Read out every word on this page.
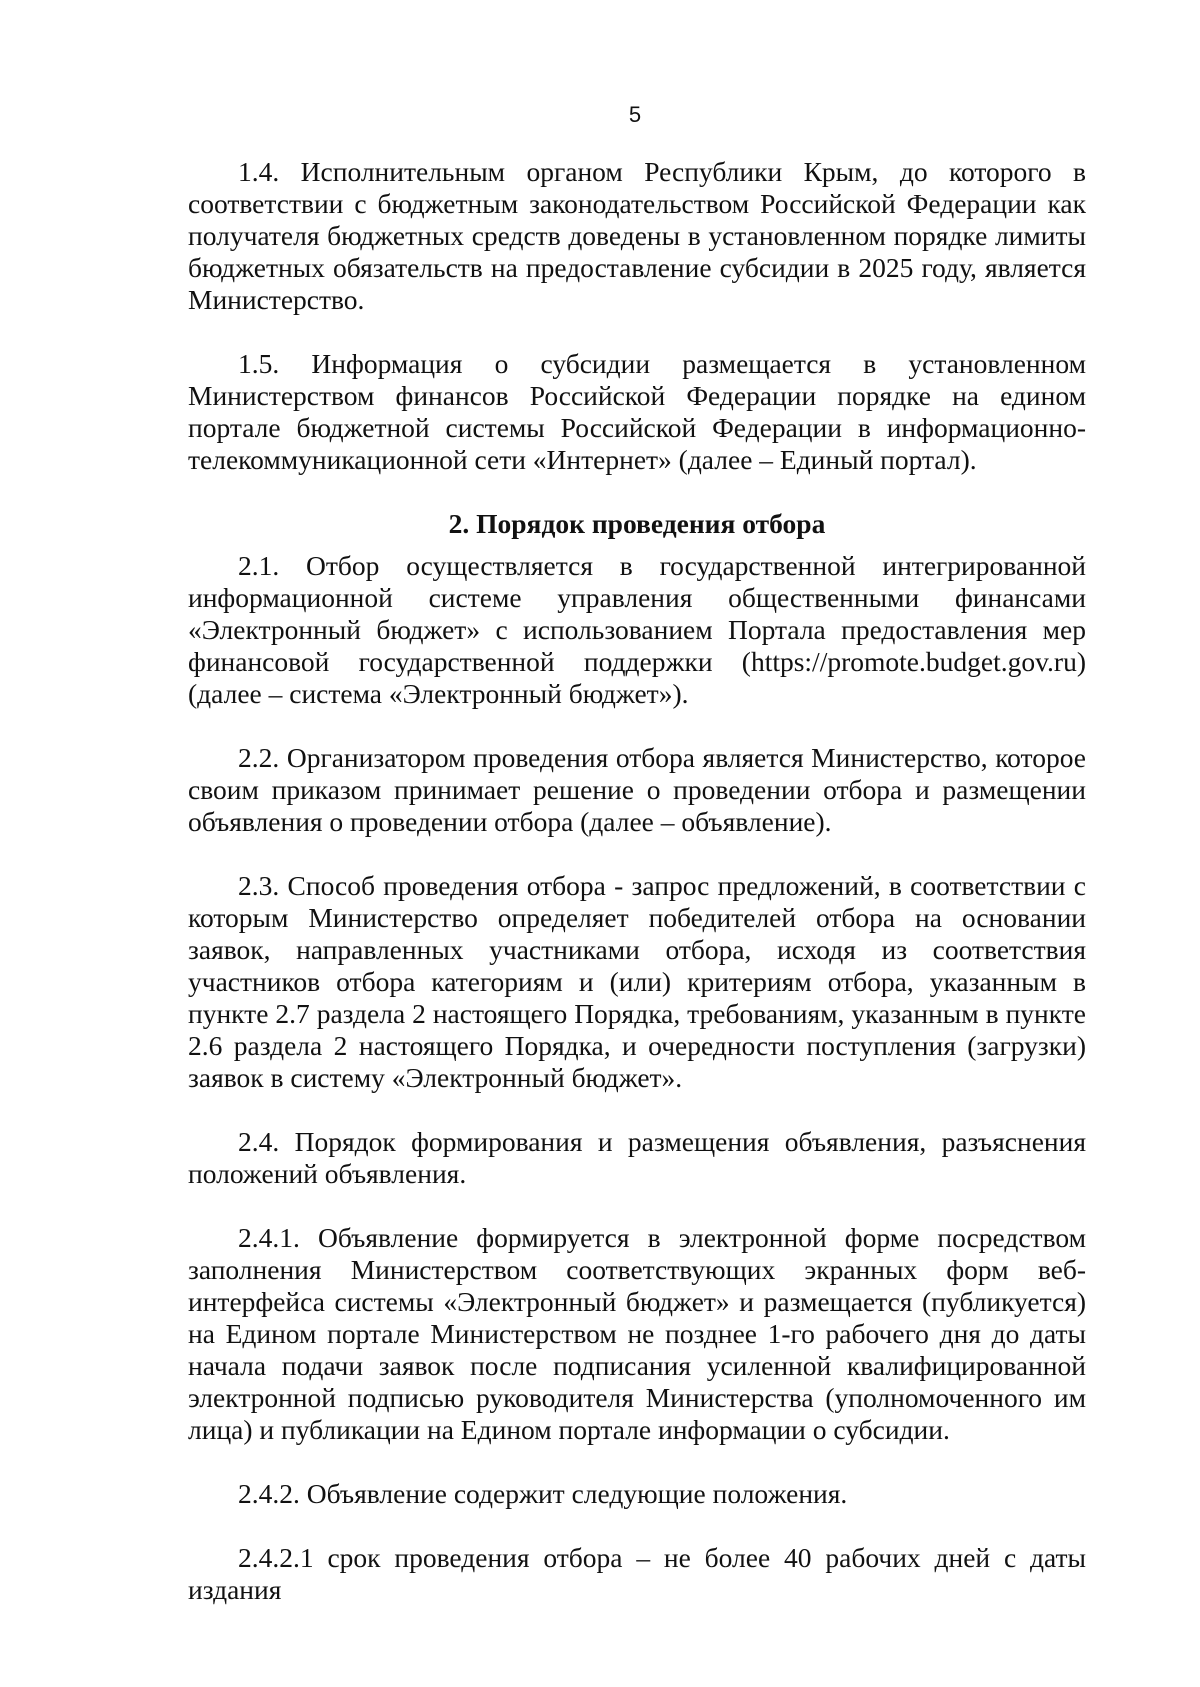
5

1.4. Исполнительным органом Республики Крым, до которого в соответствии с бюджетным законодательством Российской Федерации как получателя бюджетных средств доведены в установленном порядке лимиты бюджетных обязательств на предоставление субсидии в 2025 году, является Министерство.

1.5. Информация о субсидии размещается в установленном Министерством финансов Российской Федерации порядке на едином портале бюджетной системы Российской Федерации в информационно-телекоммуникационной сети «Интернет» (далее – Единый портал).

2. Порядок проведения отбора

2.1. Отбор осуществляется в государственной интегрированной информационной системе управления общественными финансами «Электронный бюджет» с использованием Портала предоставления мер финансовой государственной поддержки (https://promote.budget.gov.ru) (далее – система «Электронный бюджет»).

2.2. Организатором проведения отбора является Министерство, которое своим приказом принимает решение о проведении отбора и размещении объявления о проведении отбора (далее – объявление).

2.3. Способ проведения отбора - запрос предложений, в соответствии с которым Министерство определяет победителей отбора на основании заявок, направленных участниками отбора, исходя из соответствия участников отбора категориям и (или) критериям отбора, указанным в пункте 2.7 раздела 2 настоящего Порядка, требованиям, указанным в пункте 2.6 раздела 2 настоящего Порядка, и очередности поступления (загрузки) заявок в систему «Электронный бюджет».

2.4. Порядок формирования и размещения объявления, разъяснения положений объявления.

2.4.1. Объявление формируется в электронной форме посредством заполнения Министерством соответствующих экранных форм веб-интерфейса системы «Электронный бюджет» и размещается (публикуется) на Едином портале Министерством не позднее 1-го рабочего дня до даты начала подачи заявок после подписания усиленной квалифицированной электронной подписью руководителя Министерства (уполномоченного им лица) и публикации на Едином портале информации о субсидии.

2.4.2. Объявление содержит следующие положения.

2.4.2.1 срок проведения отбора – не более 40 рабочих дней с даты издания
